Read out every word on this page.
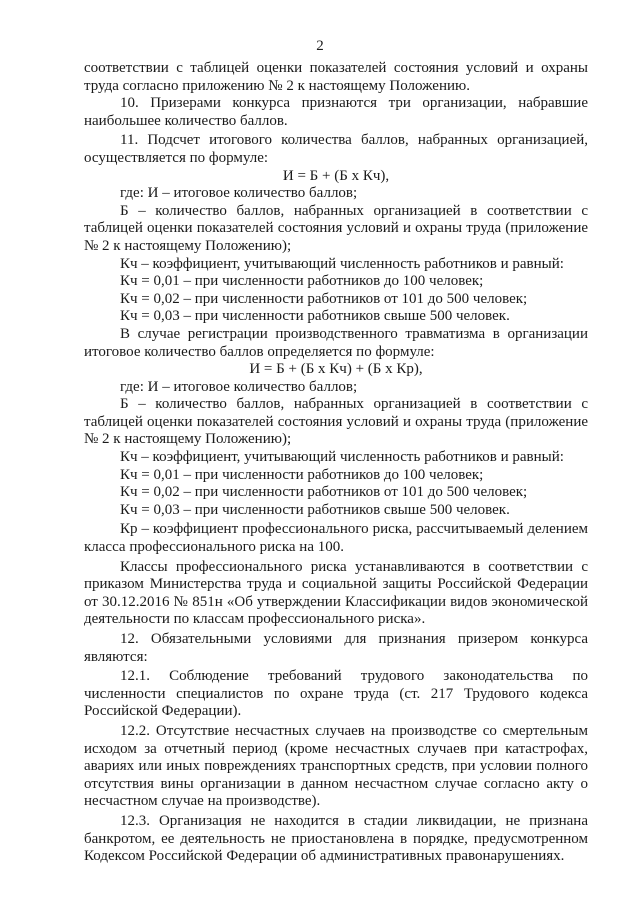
2

соответствии с таблицей оценки показателей состояния условий и охраны труда согласно приложению № 2 к настоящему Положению.

10. Призерами конкурса признаются три организации, набравшие наибольшее количество баллов.

11. Подсчет итогового количества баллов, набранных организацией, осуществляется по формуле:

И = Б + (Б х Кч),

где: И – итоговое количество баллов;

Б – количество баллов, набранных организацией в соответствии с таблицей оценки показателей состояния условий и охраны труда (приложение № 2 к настоящему Положению);

Кч – коэффициент, учитывающий численность работников и равный:

Кч = 0,01 – при численности работников до 100 человек;

Кч = 0,02 – при численности работников от 101 до 500 человек;

Кч = 0,03 – при численности работников свыше 500 человек.

В случае регистрации производственного травматизма в организации итоговое количество баллов определяется по формуле:

И = Б + (Б х Кч) + (Б х Кр),

где: И – итоговое количество баллов;

Б – количество баллов, набранных организацией в соответствии с таблицей оценки показателей состояния условий и охраны труда (приложение № 2 к настоящему Положению);

Кч – коэффициент, учитывающий численность работников и равный:

Кч = 0,01 – при численности работников до 100 человек;

Кч = 0,02 – при численности работников от 101 до 500 человек;

Кч = 0,03 – при численности работников свыше 500 человек.

Кр – коэффициент профессионального риска, рассчитываемый делением класса профессионального риска на 100.

Классы профессионального риска устанавливаются в соответствии с приказом Министерства труда и социальной защиты Российской Федерации от 30.12.2016 № 851н «Об утверждении Классификации видов экономической деятельности по классам профессионального риска».

12. Обязательными условиями для признания призером конкурса являются:

12.1. Соблюдение требований трудового законодательства по численности специалистов по охране труда (ст. 217 Трудового кодекса Российской Федерации).

12.2. Отсутствие несчастных случаев на производстве со смертельным исходом за отчетный период (кроме несчастных случаев при катастрофах, авариях или иных повреждениях транспортных средств, при условии полного отсутствия вины организации в данном несчастном случае согласно акту о несчастном случае на производстве).

12.3. Организация не находится в стадии ликвидации, не признана банкротом, ее деятельность не приостановлена в порядке, предусмотренном Кодексом Российской Федерации об административных правонарушениях.
